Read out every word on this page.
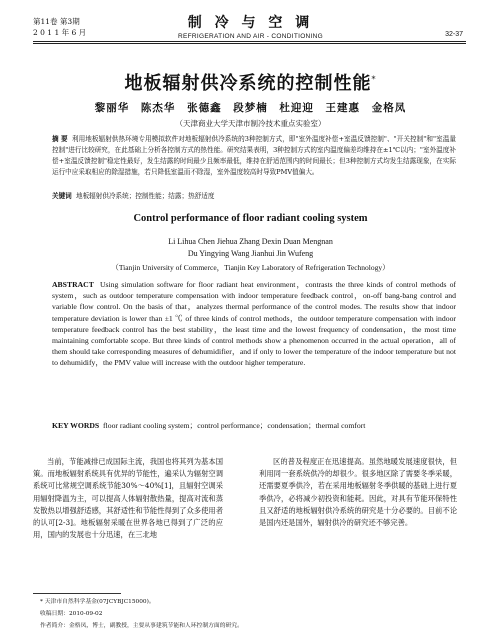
第11卷 第3期
2 0 1 1 年 6 月
制 冷 与 空 调
REFRIGERATION AND AIR - CONDITIONING	32-37
地板辐射供冷系统的控制性能*
黎丽华 陈杰华 张德鑫 段梦楠 杜迎迎 王建惠 金格凤
（天津商业大学天津市制冷技术重点实验室）
摘 要 利用地板辐射供热环境专用模拟软件对地板辐射供冷系统的3种控制方式，即"室外温度补偿+室温反馈控制"、"开关控制"和"室温量控制"进行比较研究，在此基础上分析各控制方式的热性能。研究结果表明，3种控制方式的室内温度偏差均维持在±1℃以内；"室外温度补偿+室温反馈控制"稳定性最好，发生结露的时间最少且频率最低，维持在舒适范围内的时间最长；但3种控制方式均发生结露现象，在实际运行中应采取相应的除湿措施，若只降低室温而不除湿，室外温度较高时导致PMV值偏大。
关键词 地板辐射供冷系统；控制性能；结露；热舒适度
Control performance of floor radiant cooling system
Li Lihua Chen Jiehua Zhang Dexin Duan Mengnan
Du Yingying Wang Jianhui Jin Wufeng
（Tianjin University of Commerce，Tianjin Key Laboratory of Refrigeration Technology）
ABSTRACT Using simulation software for floor radiant heat environment，contrasts the three kinds of control methods of system，such as outdoor temperature compensation with indoor temperature feedback control，on-off bang-bang control and variable flow control. On the basis of that，analyzes thermal performance of the control modes. The results show that indoor temperature deviation is lower than ±1 ℃ of three kinds of control methods，the outdoor temperature compensation with indoor temperature feedback control has the best stability，the least time and the lowest frequency of condensation，the most time maintaining comfortable scope. But three kinds of control methods show a phenomenon occurred in the actual operation，all of them should take corresponding measures of dehumidifier，and if only to lower the temperature of the indoor temperature but not to dehumidify，the PMV value will increase with the outdoor higher temperature.
KEY WORDS floor radiant cooling system；control performance；condensation；thermal comfort
当前，节能减排已成国际主流，我国也将其列为基本国策。而地板辐射系统具有优异的节能性，遍采认为辐射空调系统可比常规空调系统节能30%～40%[1]，且辐射空调采用辐射降温为主，可以提高人体辐射散热量，提高对流和蒸发散热以增强舒适感，其舒适性和节能性得到了众多使用者的认可[2-3]。地板辐射采暖在世界各地已得到了广泛的应用，国内的发展也十分迅速，在三北地
区的普及程度正在迅速提高。虽然地暖发展速度很快，但利用同一套系统供冷的却很少。很多地区除了需要冬季采暖，还需要夏季供冷，若在采用地板辐射冬季供暖的基础上进行夏季供冷，必将减少初投资和能耗。因此，对具有节能环保特性且又舒适的地板辐射供冷系统的研究是十分必要的。目前不论是国内还是国外，辐射供冷的研究还不够完善。
* 天津市自然科学基金(07JCYBJC15000)。
收稿日期：2010-09-02
作者简介：金格凤，博士，副教授，主要从事建筑节能和人环控制方面的研究。
